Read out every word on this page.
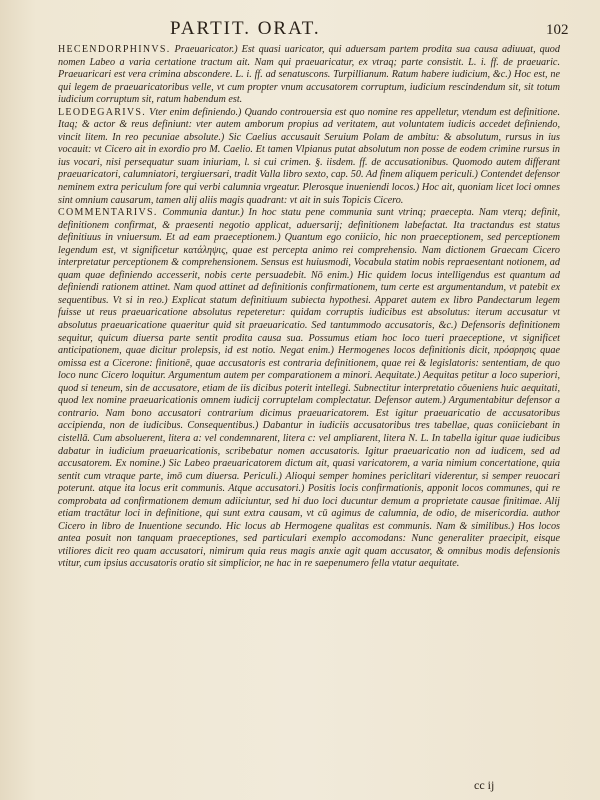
PARTIT. ORAT.	102

HECENDORPHINVS. Praeuaricator.) Est quasi uaricator, qui aduersam partem prodita sua causa adiuuat, quod nomen Labeo a varia certatione tractum ait. Nam qui praeuaricatur, ex vtraq; parte consistit. L. i. ff. de praeuaric. Praeuaricari est vera crimina abscondere. L. i. ff. ad senatuscons. Turpillianum. Ratum habere iudicium, &c.) Hoc est, ne qui legem de praeuaricatoribus velle, vt cum propter vnum accusatorem corruptum, iudicium rescindendum sit, sit totum iudicium corruptum sit, ratum habendum est.

LEODEGARIVS. Vter enim definiendo.) Quando controuersia est quo nomine res appelletur, vtendum est definitione. Itaq; & actor & reus definiunt: vter autem amborum propius ad veritatem, aut voluntatem iudicis accedet definiendo, vincit litem. In reo pecuniae absolute.) Sic Caelius accusauit Seruium Polam de ambitu: & absolutum, rursus in ius vocauit: vt Cicero ait in exordio pro M. Caelio. Et tamen Vlpianus putat absolutum non posse de eodem crimine rursus in ius vocari, nisi persequatur suam iniuriam, l. si cui crimen. §. iisdem. ff. de accusationibus. Quomodo autem differant praeuaricatori, calumniatori, tergiuersari, tradit Valla libro sexto, cap. 50. Ad finem aliquem periculi.) Contendet defensor neminem extra periculum fore qui verbi calumnia vrgeatur. Plerosque inueniendi locos.) Hoc ait, quoniam licet loci omnes sint omnium causarum, tamen alij aliis magis quadrant: vt ait in suis Topicis Cicero.

COMMENTARIVS. Communia dantur.) In hoc statu pene communia sunt vtrinq; praecepta. Nam vterq; definit, definitionem confirmat, & praesenti negotio applicat, aduersarij; definitionem labefactat. Ita tractandus est status definitiuus in vniuersum. Et ad eam praeceptionem.) Quantum ego coniicio, hic non praeceptionem, sed perceptionem legendum est, vt significetur κατάληψις, quae est percepta animo rei comprehensio. Nam dictionem Graecam Cicero interpretatur perceptionem & comprehensionem. Sensus est huiusmodi, Vocabula statim nobis repraesentant notionem, ad quam quae definiendo accesserit, nobis certe persuadebit. Nō enim.) Hic quidem locus intelligendus est quantum ad definiendi rationem attinet. Nam quod attinet ad definitionis confirmationem, tum certe est argumentandum, vt patebit ex sequentibus. Vt si in reo.) Explicat statum definitiuum subiecta hypothesi. Apparet autem ex libro Pandectarum legem fuisse ut reus praeuaricatione absolutus repeteretur: quidam corruptis iudicibus est absolutus: iterum accusatur vt absolutus praeuaricatione quaeritur quid sit praeuaricatio. Sed tantummodo accusatoris, &c.) Defensoris definitionem sequitur, quicum diuersa parte sentit prodita causa sua. Possumus etiam hoc loco tueri praeceptione, vt significet anticipationem, quae dicitur prolepsis, id est notio. Negat enim.) Hermogenes locos definitionis dicit, πρόσρησις quae omissa est a Cicerone: finitionē, quae accusatoris est contraria definitionem, quae rei & legislatoris: sententiam, de quo loco nunc Cicero loquitur. Argumentum autem per comparationem a minori. Aequitate.) Aequitas petitur a loco superiori, quod si teneum, sin de accusatore, etiam de iis dicibus poterit intellegi. Subnectitur interpretatio cōueniens huic aequitati, quod lex nomine praeuaricationis omnem iudicij corruptelam complectatur. Defensor autem.) Argumentabitur defensor a contrario. Nam bono accusatori contrarium dicimus praeuaricatorem. Est igitur praeuaricatio de accusatoribus accipienda, non de iudicibus. Consequentibus.) Dabantur in iudiciis accusatoribus tres tabellae, quas coniiciebant in cistellā. Cum absoluerent, litera a: vel condemnarent, litera c: vel ampliarent, litera N. L. In tabella igitur quae iudicibus dabatur in iudicium praeuaricationis, scribebatur nomen accusatoris. Igitur praeuaricatio non ad iudicem, sed ad accusatorem. Ex nomine.) Sic Labeo praeuaricatorem dictum ait, quasi varicatorem, a varia nimium concertatione, quia sentit cum vtraque parte, imō cum diuersa. Periculi.) Alioqui semper homines periclitari viderentur, si semper reuocari poterunt. atque ita locus erit communis. Atque accusatori.) Positis locis confirmationis, apponit locos communes, qui re comprobata ad confirmationem demum adiiciuntur, sed hi duo loci ducuntur demum a proprietate causae finitimae. Alij etiam tractātur loci in definitione, qui sunt extra causam, vt cū agimus de calumnia, de odio, de misericordia. author Cicero in libro de Inuentione secundo. Hic locus ab Hermogene qualitas est communis. Nam & similibus.) Hos locos antea posuit non tanquam praeceptiones, sed particulari exemplo accomodans: Nunc generaliter praecipit, eisque vtiliores dicit reo quam accusatori, nimirum quia reus magis anxie agit quam accusator, & omnibus modis defensionis vtitur, cum ipsius accusatoris oratio sit simplicior, ne hac in re saepenumero fella vtatur aequitate.

cc ij
